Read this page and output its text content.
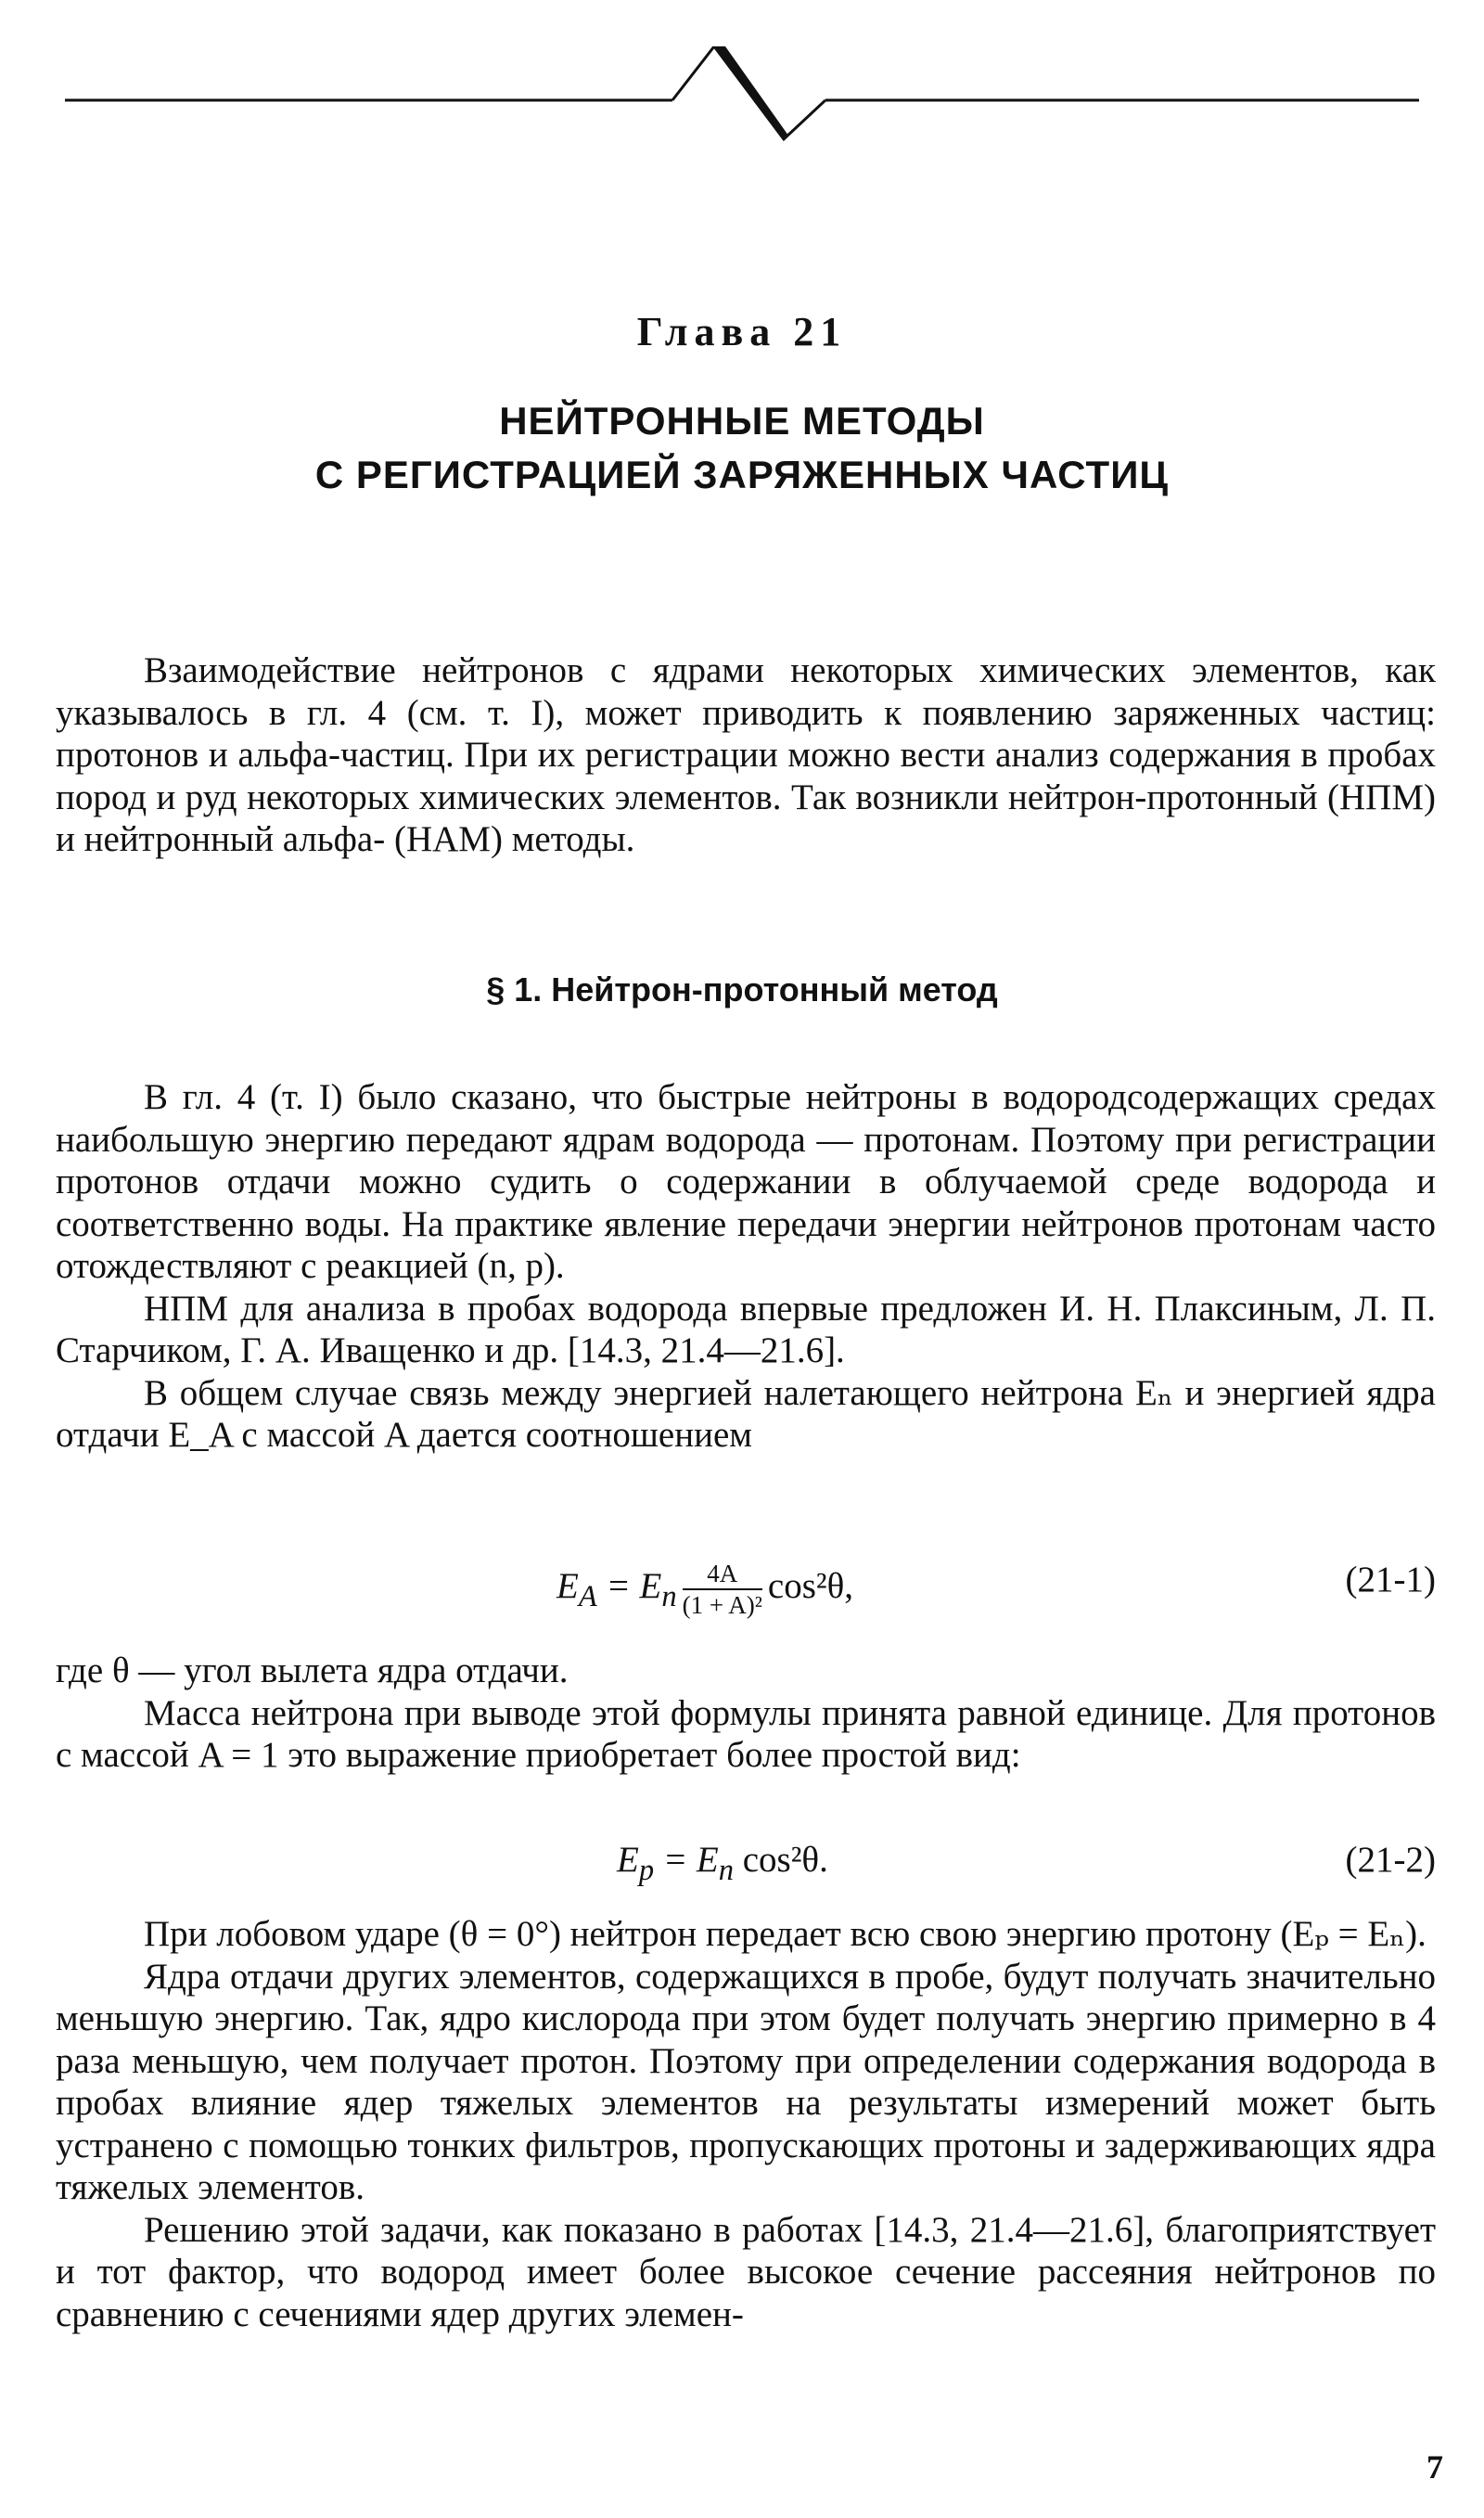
Глава 21
НЕЙТРОННЫЕ МЕТОДЫ
С РЕГИСТРАЦИЕЙ ЗАРЯЖЕННЫХ ЧАСТИЦ

Взаимодействие нейтронов с ядрами некоторых химических элементов, как указывалось в гл. 4 (см. т. I), может приводить к появлению заряженных частиц: протонов и альфа-частиц. При их регистрации можно вести анализ содержания в пробах пород и руд некоторых химических элементов. Так возникли нейтрон-протонный (НПМ) и нейтронный альфа- (НАМ) методы.

§ 1. Нейтрон-протонный метод

В гл. 4 (т. I) было сказано, что быстрые нейтроны в водородсодержащих средах наибольшую энергию передают ядрам водорода — протонам. Поэтому при регистрации протонов отдачи можно судить о содержании в облучаемой среде водорода и соответственно воды. На практике явление передачи энергии нейтронов протонам часто отождествляют с реакцией (n, p).

НПМ для анализа в пробах водорода впервые предложен И. Н. Плаксиным, Л. П. Старчиком, Г. А. Иващенко и др. [14.3, 21.4—21.6].

В общем случае связь между энергией налетающего нейтрона Eₙ и энергией ядра отдачи E_A с массой A дается соотношением

$E_A = E_n \frac{4A}{\text{(1 + A)²}} \cos^2\theta$,	(21-1)

где θ — угол вылета ядра отдачи.

Масса нейтрона при выводе этой формулы принята равной единице. Для протонов с массой A = 1 это выражение приобретает более простой вид:

$E_p = E_n$ cos²θ.	(21-2)

При лобовом ударе (θ = 0°) нейтрон передает всю свою энергию протону (Eₚ = Eₙ).

Ядра отдачи других элементов, содержащихся в пробе, будут получать значительно меньшую энергию. Так, ядро кислорода при этом будет получать энергию примерно в 4 раза меньшую, чем получает протон. Поэтому при определении содержания водорода в пробах влияние ядер тяжелых элементов на результаты измерений может быть устранено с помощью тонких фильтров, пропускающих протоны и задерживающих ядра тяжелых элементов.

Решению этой задачи, как показано в работах [14.3, 21.4—21.6], благоприятствует и тот фактор, что водород имеет более высокое сечение рассеяния нейтронов по сравнению с сечениями ядер других элемен-

7
